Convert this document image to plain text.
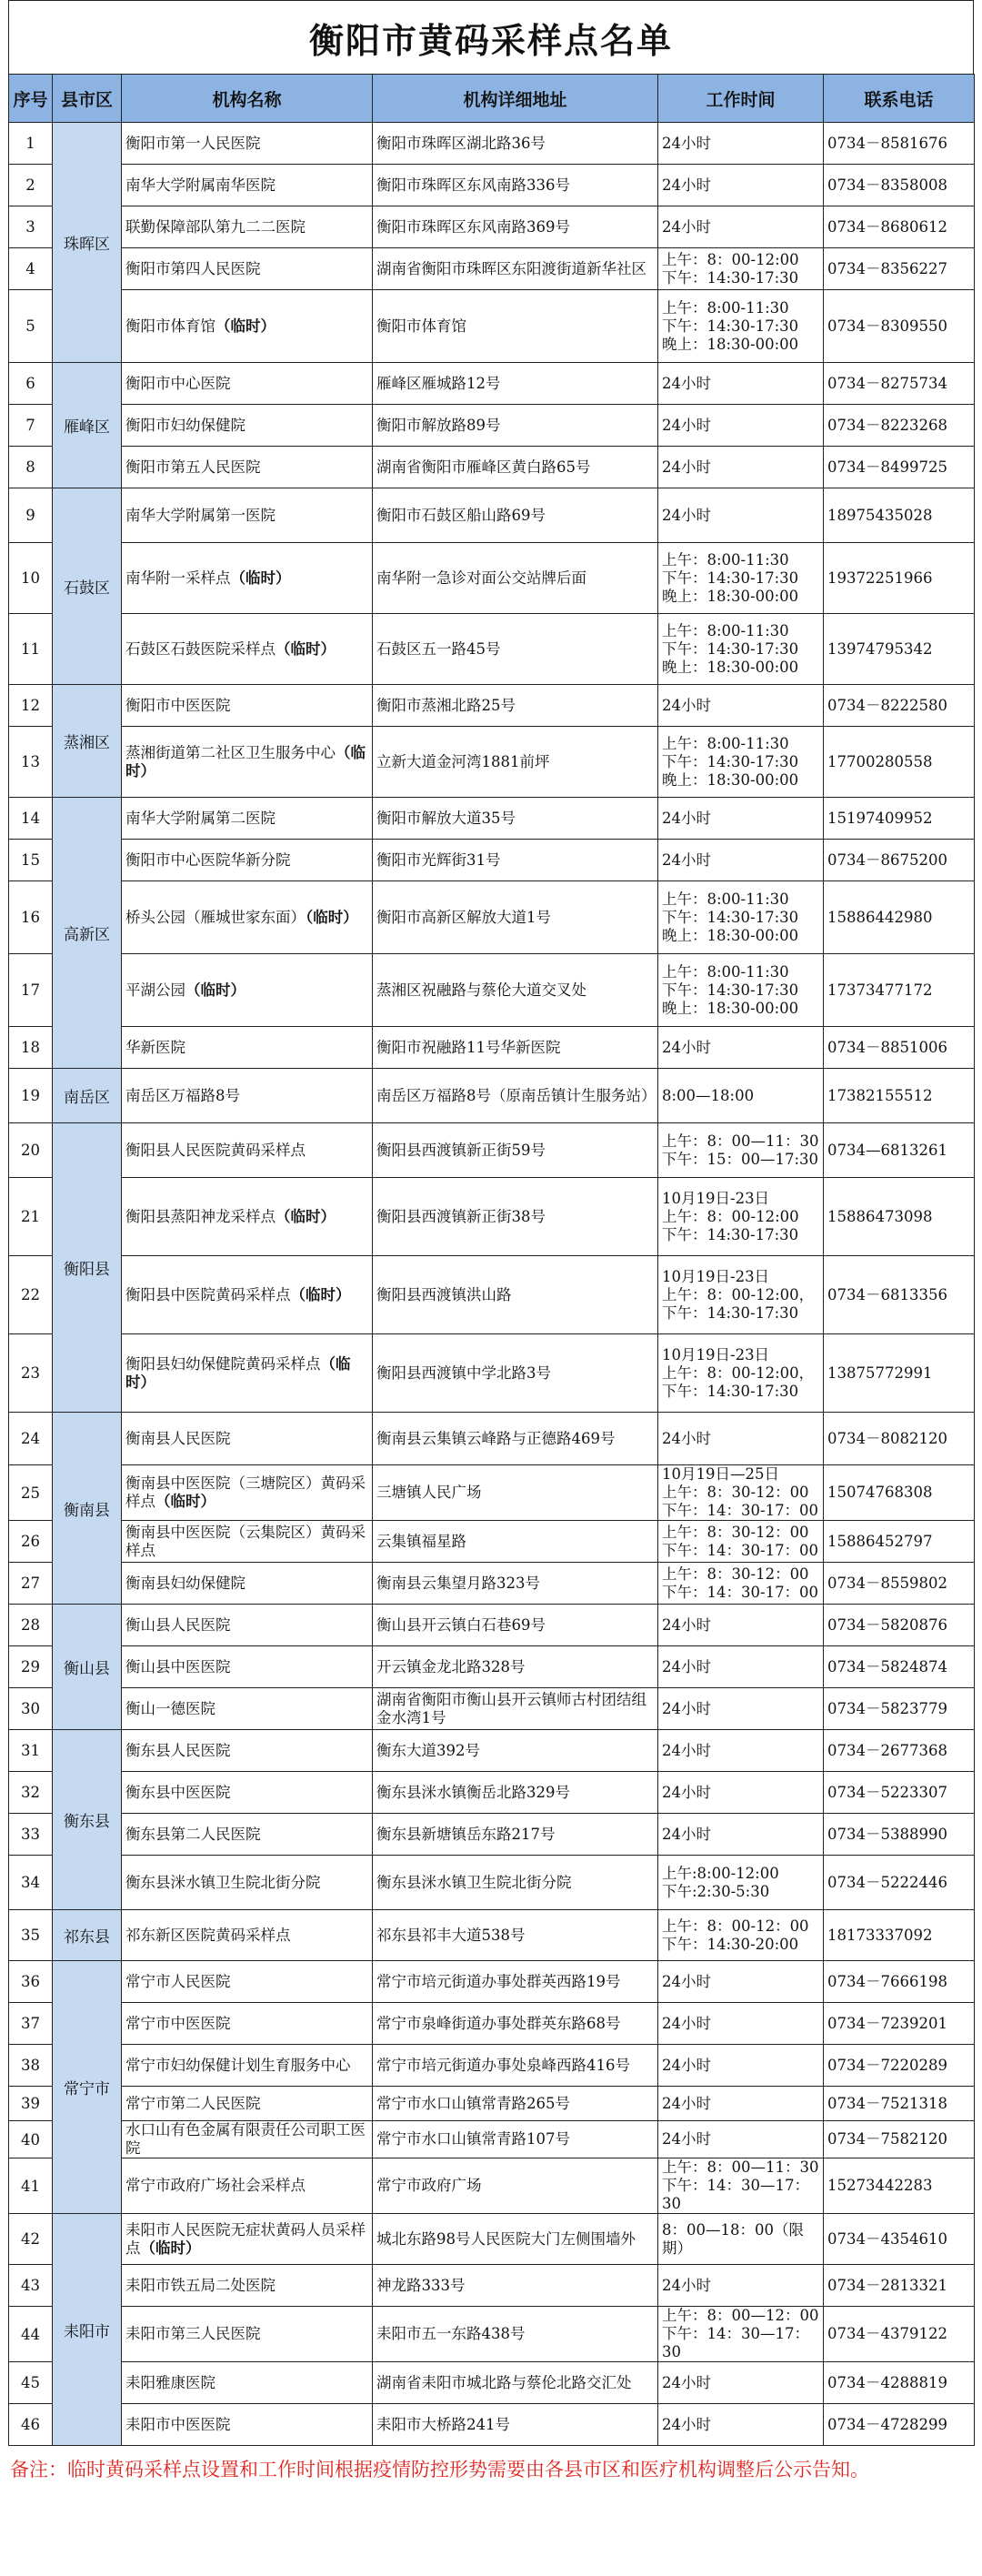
衡阳市黄码采样点名单
序号	县市区	机构名称	机构详细地址	工作时间	联系电话
1	珠晖区	衡阳市第一人民医院	衡阳市珠晖区湖北路36号	24小时	0734－8581676
2		南华大学附属南华医院	衡阳市珠晖区东风南路336号	24小时	0734－8358008
3		联勤保障部队第九二二医院	衡阳市珠晖区东风南路369号	24小时	0734－8680612
4		衡阳市第四人民医院	湖南省衡阳市珠晖区东阳渡街道新华社区	上午：8：00-12:00
下午：14:30-17:30	0734－8356227
5		衡阳市体育馆（临时）	衡阳市体育馆	上午：8:00-11:30
下午：14:30-17:30
晚上：18:30-00:00	0734－8309550
6	雁峰区	衡阳市中心医院	雁峰区雁城路12号	24小时	0734－8275734
7		衡阳市妇幼保健院	衡阳市解放路89号	24小时	0734－8223268
8		衡阳市第五人民医院	湖南省衡阳市雁峰区黄白路65号	24小时	0734－8499725
9	石鼓区	南华大学附属第一医院	衡阳市石鼓区船山路69号	24小时	18975435028
10		南华附一采样点（临时）	南华附一急诊对面公交站牌后面	上午：8:00-11:30
下午：14:30-17:30
晚上：18:30-00:00	19372251966
11		石鼓区石鼓医院采样点（临时）	石鼓区五一路45号	上午：8:00-11:30
下午：14:30-17:30
晚上：18:30-00:00	13974795342
12	蒸湘区	衡阳市中医医院	衡阳市蒸湘北路25号	24小时	0734－8222580
13		蒸湘街道第二社区卫生服务中心（临时）	立新大道金河湾1881前坪	上午：8:00-11:30
下午：14:30-17:30
晚上：18:30-00:00	17700280558
14	高新区	南华大学附属第二医院	衡阳市解放大道35号	24小时	15197409952
15		衡阳市中心医院华新分院	衡阳市光辉街31号	24小时	0734－8675200
16		桥头公园（雁城世家东面）（临时）	衡阳市高新区解放大道1号	上午：8:00-11:30
下午：14:30-17:30
晚上：18:30-00:00	15886442980
17		平湖公园（临时）	蒸湘区祝融路与蔡伦大道交叉处	上午：8:00-11:30
下午：14:30-17:30
晚上：18:30-00:00	17373477172
18		华新医院	衡阳市祝融路11号华新医院	24小时	0734－8851006
19	南岳区	南岳区万福路8号	南岳区万福路8号（原南岳镇计生服务站）	8:00—18:00	17382155512
20	衡阳县	衡阳县人民医院黄码采样点	衡阳县西渡镇新正街59号	上午：8：00—11：30
下午：15：00—17:30	0734—6813261
21		衡阳县蒸阳神龙采样点（临时）	衡阳县西渡镇新正街38号	10月19日-23日
上午：8：00-12:00
下午：14:30-17:30	15886473098
22		衡阳县中医院黄码采样点（临时）	衡阳县西渡镇洪山路	10月19日-23日
上午：8：00-12:00，
下午：14:30-17:30	0734－6813356
23		衡阳县妇幼保健院黄码采样点（临时）	衡阳县西渡镇中学北路3号	10月19日-23日
上午：8：00-12:00，
下午：14:30-17:30	13875772991
24	衡南县	衡南县人民医院	衡南县云集镇云峰路与正德路469号	24小时	0734－8082120
25		衡南县中医医院（三塘院区）黄码采样点（临时）	三塘镇人民广场	10月19日—25日
上午：8：30-12：00
下午：14：30-17：00	15074768308
26		衡南县中医医院（云集院区）黄码采样点	云集镇福星路	上午：8：30-12：00
下午：14：30-17：00	15886452797
27		衡南县妇幼保健院	衡南县云集望月路323号	上午：8：30-12：00
下午：14：30-17：00	0734－8559802
28	衡山县	衡山县人民医院	衡山县开云镇白石巷69号	24小时	0734－5820876
29		衡山县中医医院	开云镇金龙北路328号	24小时	0734－5824874
30		衡山一德医院	湖南省衡阳市衡山县开云镇师古村团结组金水湾1号	24小时	0734－5823779
31	衡东县	衡东县人民医院	衡东大道392号	24小时	0734－2677368
32		衡东县中医医院	衡东县洣水镇衡岳北路329号	24小时	0734－5223307
33		衡东县第二人民医院	衡东县新塘镇岳东路217号	24小时	0734－5388990
34		衡东县洣水镇卫生院北街分院	衡东县洣水镇卫生院北街分院	上午:8:00-12:00
下午:2:30-5:30	0734－5222446
35	祁东县	祁东新区医院黄码采样点	祁东县祁丰大道538号	上午：8：00-12：00
下午：14:30-20:00	18173337092
36	常宁市	常宁市人民医院	常宁市培元街道办事处群英西路19号	24小时	0734－7666198
37		常宁市中医医院	常宁市泉峰街道办事处群英东路68号	24小时	0734－7239201
38		常宁市妇幼保健计划生育服务中心	常宁市培元街道办事处泉峰西路416号	24小时	0734－7220289
39		常宁市第二人民医院	常宁市水口山镇常青路265号	24小时	0734－7521318
40		水口山有色金属有限责任公司职工医院	常宁市水口山镇常青路107号	24小时	0734－7582120
41		常宁市政府广场社会采样点	常宁市政府广场	上午：8：00—11：30
下午：14：30—17：30	15273442283
42	耒阳市	耒阳市人民医院无症状黄码人员采样点（临时）	城北东路98号人民医院大门左侧围墙外	8：00—18：00（限期）	0734－4354610
43		耒阳市铁五局二处医院	神龙路333号	24小时	0734－2813321
44		耒阳市第三人民医院	耒阳市五一东路438号	上午：8：00—12：00
下午：14：30—17：30	0734－4379122
45		耒阳雅康医院	湖南省耒阳市城北路与蔡伦北路交汇处	24小时	0734－4288819
46		耒阳市中医医院	耒阳市大桥路241号	24小时	0734－4728299
备注：临时黄码采样点设置和工作时间根据疫情防控形势需要由各县市区和医疗机构调整后公示告知。
